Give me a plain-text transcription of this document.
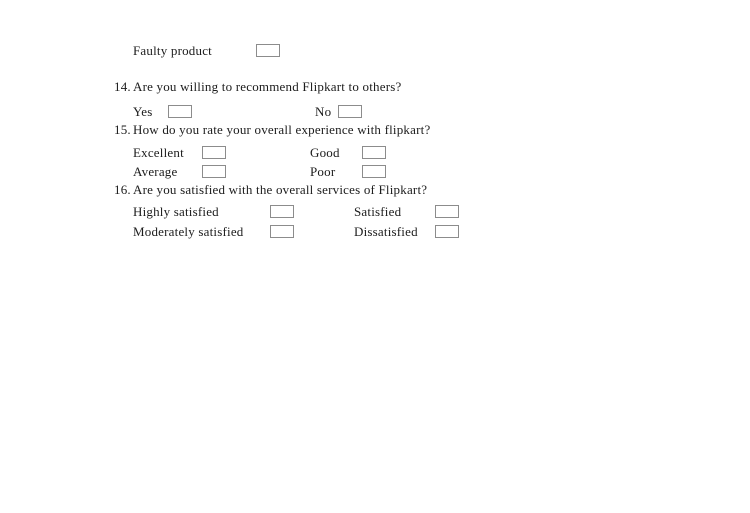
Faulty product
14. Are you willing to recommend Flipkart to others?
Yes	No
15. How do you rate your overall experience with flipkart?
Excellent	Good
Average	Poor
16. Are you satisfied with the overall services of Flipkart?
Highly satisfied	Satisfied
Moderately satisfied	Dissatisfied
